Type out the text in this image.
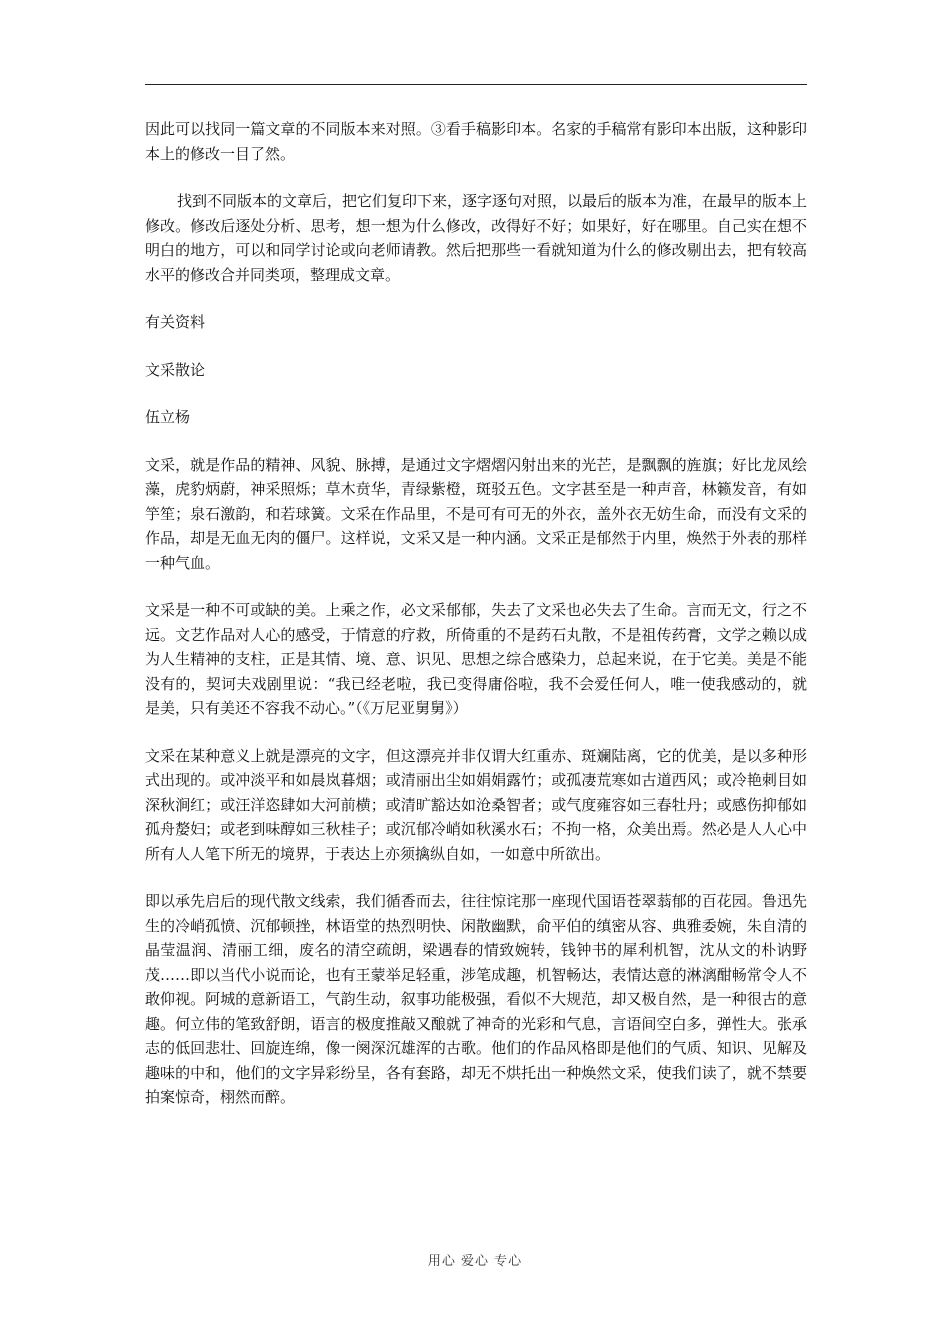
因此可以找同一篇文章的不同版本来对照。③看手稿影印本。名家的手稿常有影印本出版，这种影印本上的修改一目了然。

找到不同版本的文章后，把它们复印下来，逐字逐句对照，以最后的版本为准，在最早的版本上修改。修改后逐处分析、思考，想一想为什么修改，改得好不好；如果好，好在哪里。自己实在想不明白的地方，可以和同学讨论或向老师请教。然后把那些一看就知道为什么的修改剔出去，把有较高水平的修改合并同类项，整理成文章。

有关资料

文采散论

伍立杨

文采，就是作品的精神、风貌、脉搏，是通过文字熠熠闪射出来的光芒，是飘飘的旌旗；好比龙凤绘藻，虎豹炳蔚，神采照烁；草木贲华，青绿紫橙，斑驳五色。文字甚至是一种声音，林籁发音，有如竽笙；泉石激韵，和若球簧。文采在作品里，不是可有可无的外衣，盖外衣无妨生命，而没有文采的作品，却是无血无肉的僵尸。这样说，文采又是一种内涵。文采正是郁然于内里，焕然于外表的那样一种气血。

文采是一种不可或缺的美。上乘之作，必文采郁郁，失去了文采也必失去了生命。言而无文，行之不远。文艺作品对人心的感受，于情意的疗救，所倚重的不是药石丸散，不是祖传药膏，文学之赖以成为人生精神的支柱，正是其情、境、意、识见、思想之综合感染力，总起来说，在于它美。美是不能没有的，契诃夫戏剧里说：“我已经老啦，我已变得庸俗啦，我不会爱任何人，唯一使我感动的，就是美，只有美还不容我不动心。”（《万尼亚舅舅》）

文采在某种意义上就是漂亮的文字，但这漂亮并非仅谓大红重赤、斑斓陆离，它的优美，是以多种形式出现的。或冲淡平和如晨岚暮烟；或清丽出尘如娟娟露竹；或孤凄荒寒如古道西风；或冷艳刺目如深秋涧红；或汪洋恣肆如大河前横；或清旷豁达如沧桑智者；或气度雍容如三春牡丹；或感伤抑郁如孤舟嫠妇；或老到味醇如三秋桂子；或沉郁冷峭如秋溪水石；不拘一格，众美出焉。然必是人人心中所有人人笔下所无的境界，于表达上亦须擒纵自如，一如意中所欲出。

即以承先启后的现代散文线索，我们循香而去，往往惊诧那一座现代国语苍翠蓊郁的百花园。鲁迅先生的冷峭孤愤、沉郁顿挫，林语堂的热烈明快、闲散幽默，俞平伯的缜密从容、典雅委婉，朱自清的晶莹温润、清丽工细，废名的清空疏朗，梁遇春的情致婉转，钱钟书的犀利机智，沈从文的朴讷野茂……即以当代小说而论，也有王蒙举足轻重，涉笔成趣，机智畅达，表情达意的淋漓酣畅常令人不敢仰视。阿城的意新语工，气韵生动，叙事功能极强，看似不大规范，却又极自然，是一种很古的意趣。何立伟的笔致舒朗，语言的极度推敲又酿就了神奇的光彩和气息，言语间空白多，弹性大。张承志的低回悲壮、回旋连绵，像一阕深沉雄浑的古歌。他们的作品风格即是他们的气质、知识、见解及趣味的中和，他们的文字异彩纷呈，各有套路，却无不烘托出一种焕然文采，使我们读了，就不禁要拍案惊奇，栩然而醉。

用心 爱心 专心
